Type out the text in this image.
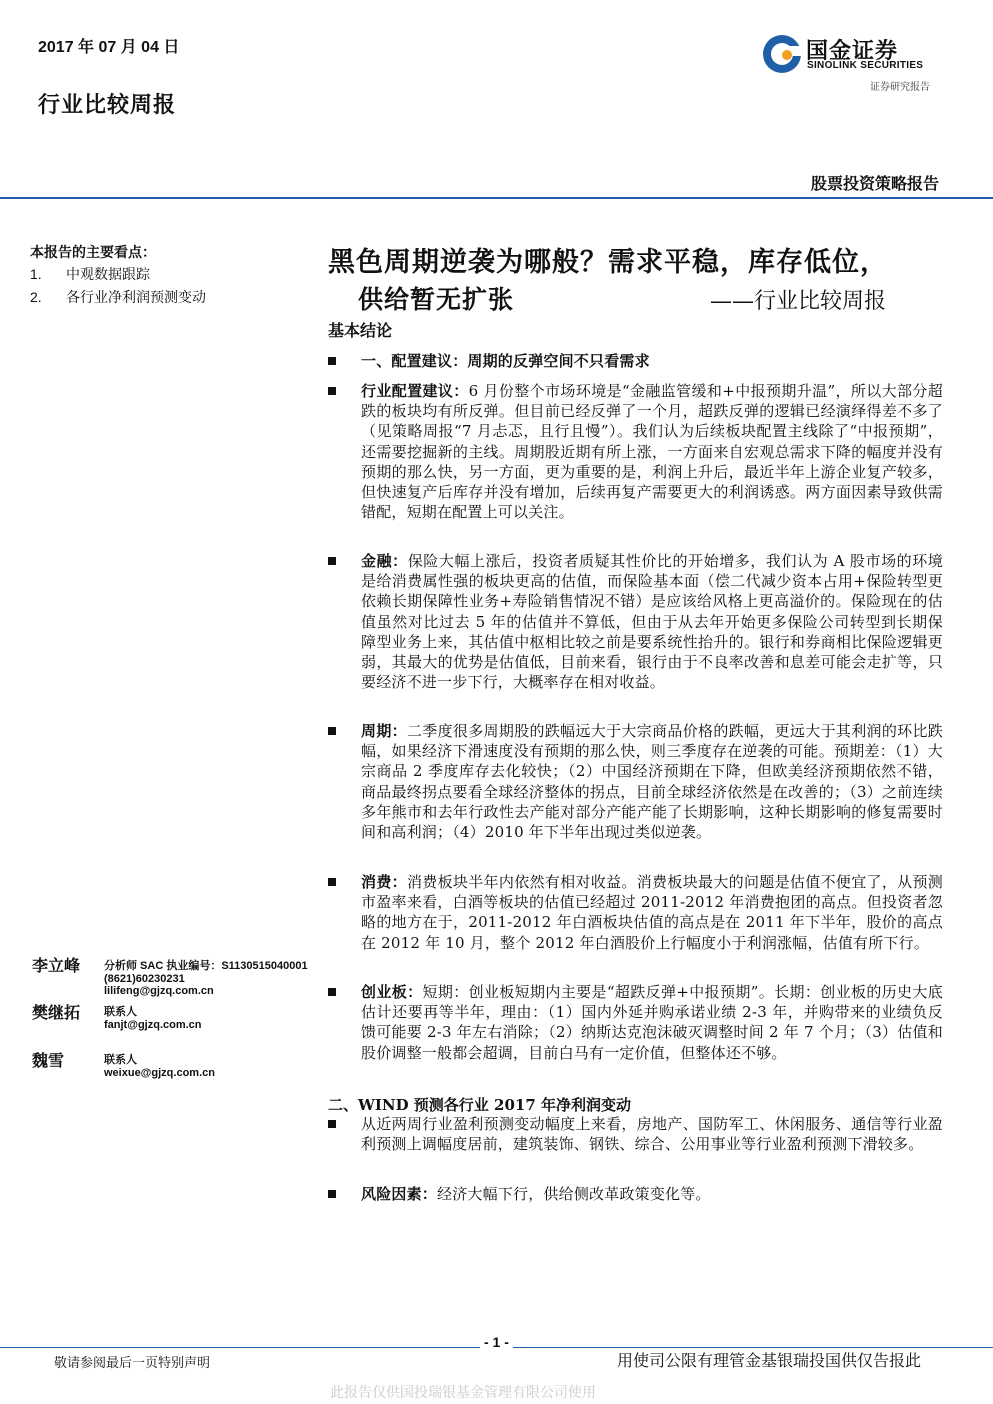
2017 年 07 月 04 日
行业比较周报
国金证券
SINOLINK SECURITIES
证券研究报告
股票投资策略报告
本报告的主要看点：
1. 中观数据跟踪
2. 各行业净利润预测变动
黑色周期逆袭为哪般？需求平稳，库存低位，
供给暂无扩张	——行业比较周报
基本结论
一、配置建议：周期的反弹空间不只看需求
行业配置建议：6 月份整个市场环境是“金融监管缓和+中报预期升温”，所以大部分超跌的板块均有所反弹。但目前已经反弹了一个月，超跌反弹的逻辑已经演绎得差不多了（见策略周报“7 月忐忑，且行且慢”）。我们认为后续板块配置主线除了“中报预期”，还需要挖掘新的主线。周期股近期有所上涨，一方面来自宏观总需求下降的幅度并没有预期的那么快，另一方面，更为重要的是，利润上升后，最近半年上游企业复产较多，但快速复产后库存并没有增加，后续再复产需要更大的利润诱惑。两方面因素导致供需错配，短期在配置上可以关注。
金融：保险大幅上涨后，投资者质疑其性价比的开始增多，我们认为 A 股市场的环境是给消费属性强的板块更高的估值，而保险基本面（偿二代减少资本占用+保险转型更依赖长期保障性业务+寿险销售情况不错）是应该给风格上更高溢价的。保险现在的估值虽然对比过去 5 年的估值并不算低，但由于从去年开始更多保险公司转型到长期保障型业务上来，其估值中枢相比较之前是要系统性抬升的。银行和券商相比保险逻辑更弱，其最大的优势是估值低，目前来看，银行由于不良率改善和息差可能会走扩等，只要经济不进一步下行，大概率存在相对收益。
周期：二季度很多周期股的跌幅远大于大宗商品价格的跌幅，更远大于其利润的环比跌幅，如果经济下滑速度没有预期的那么快，则三季度存在逆袭的可能。预期差：（1）大宗商品 2 季度库存去化较快；（2）中国经济预期在下降，但欧美经济预期依然不错，商品最终拐点要看全球经济整体的拐点，目前全球经济依然是在改善的；（3）之前连续多年熊市和去年行政性去产能对部分产能产能了长期影响，这种长期影响的修复需要时间和高利润；（4）2010 年下半年出现过类似逆袭。
消费：消费板块半年内依然有相对收益。消费板块最大的问题是估值不便宜了，从预测市盈率来看，白酒等板块的估值已经超过 2011-2012 年消费抱团的高点。但投资者忽略的地方在于，2011-2012 年白酒板块估值的高点是在 2011 年下半年，股价的高点在 2012 年 10 月，整个 2012 年白酒股价上行幅度小于利润涨幅，估值有所下行。
创业板：短期：创业板短期内主要是“超跌反弹+中报预期”。长期：创业板的历史大底估计还要再等半年，理由：（1）国内外延并购承诺业绩 2-3 年，并购带来的业绩负反馈可能要 2-3 年左右消除；（2）纳斯达克泡沫破灭调整时间 2 年 7 个月；（3）估值和股价调整一般都会超调，目前白马有一定价值，但整体还不够。
二、WIND 预测各行业 2017 年净利润变动
从近两周行业盈利预测变动幅度上来看，房地产、国防军工、休闲服务、通信等行业盈利预测上调幅度居前，建筑装饰、钢铁、综合、公用事业等行业盈利预测下滑较多。
风险因素：经济大幅下行，供给侧改革政策变化等。
李立峰 分析师 SAC 执业编号：S1130515040001
(8621)60230231
lilifeng@gjzq.com.cn
樊继拓 联系人
fanjt@gjzq.com.cn
魏雪	联系人
weixue@gjzq.com.cn
- 1 -
敬请参阅最后一页特别声明	用使司公限有理管金基银瑞投国供仅告报此
此报告仅供国投瑞银基金管理有限公司使用
